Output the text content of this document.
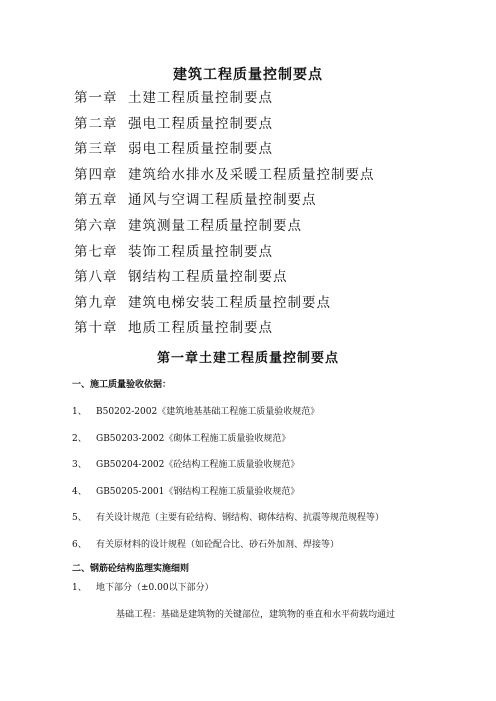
建筑工程质量控制要点
第一章 土建工程质量控制要点
第二章 强电工程质量控制要点
第三章 弱电工程质量控制要点
第四章 建筑给水排水及采暖工程质量控制要点
第五章 通风与空调工程质量控制要点
第六章 建筑测量工程质量控制要点
第七章 装饰工程质量控制要点
第八章 钢结构工程质量控制要点
第九章 建筑电梯安装工程质量控制要点
第十章 地质工程质量控制要点
第一章土建工程质量控制要点
一、施工质量验收依据：
1、 B50202-2002《建筑地基基础工程施工质量验收规范》
2、 GB50203-2002《砌体工程施工质量验收规范》
3、 GB50204-2002《砼结构工程施工质量验收规范》
4、 GB50205-2001《钢结构工程施工质量验收规范》
5、 有关设计规范（主要有砼结构、钢结构、砌体结构、抗震等规范规程等）
6、 有关原材料的设计规程（如砼配合比、砂石外加剂、焊接等）
二、钢筋砼结构监理实施细则
1、 地下部分（±0.00以下部分）
基础工程：基础是建筑物的关键部位，建筑物的垂直和水平荷载均通过
